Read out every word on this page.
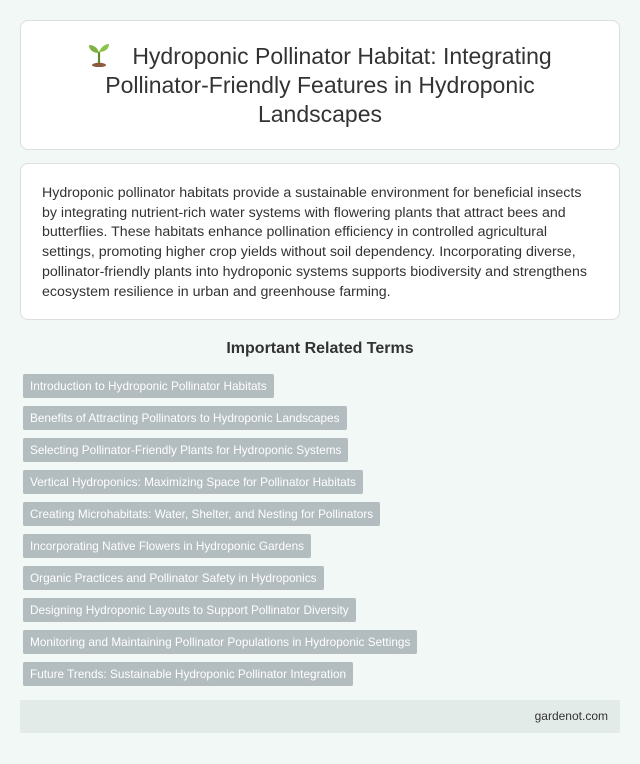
Hydroponic Pollinator Habitat: Integrating Pollinator-Friendly Features in Hydroponic Landscapes

Hydroponic pollinator habitats provide a sustainable environment for beneficial insects by integrating nutrient-rich water systems with flowering plants that attract bees and butterflies. These habitats enhance pollination efficiency in controlled agricultural settings, promoting higher crop yields without soil dependency. Incorporating diverse, pollinator-friendly plants into hydroponic systems supports biodiversity and strengthens ecosystem resilience in urban and greenhouse farming.

Important Related Terms
Introduction to Hydroponic Pollinator Habitats
Benefits of Attracting Pollinators to Hydroponic Landscapes
Selecting Pollinator-Friendly Plants for Hydroponic Systems
Vertical Hydroponics: Maximizing Space for Pollinator Habitats
Creating Microhabitats: Water, Shelter, and Nesting for Pollinators
Incorporating Native Flowers in Hydroponic Gardens
Organic Practices and Pollinator Safety in Hydroponics
Designing Hydroponic Layouts to Support Pollinator Diversity
Monitoring and Maintaining Pollinator Populations in Hydroponic Settings
Future Trends: Sustainable Hydroponic Pollinator Integration
gardenot.com
